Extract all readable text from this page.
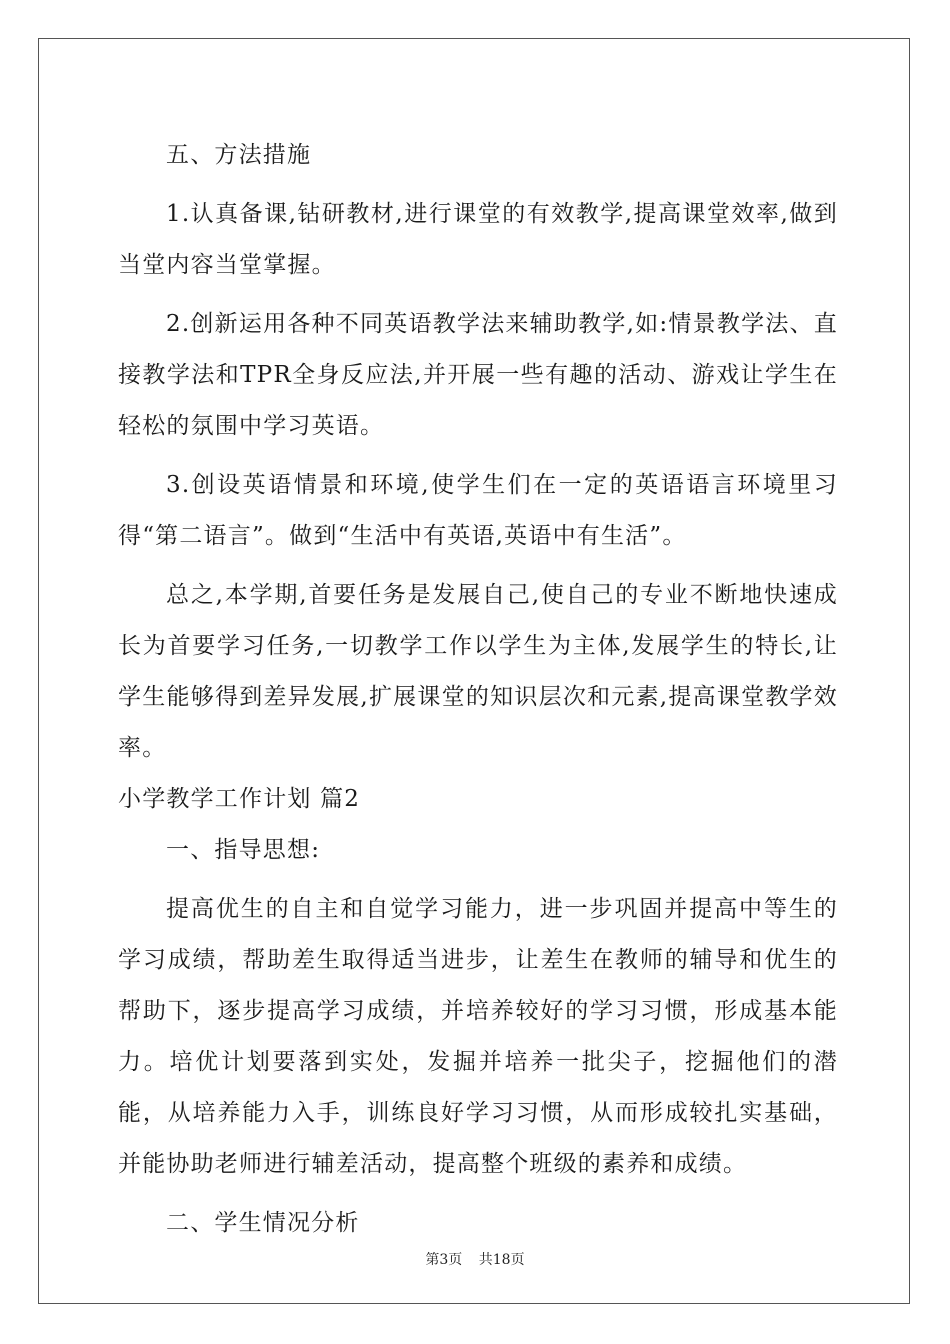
五、方法措施

1.认真备课,钻研教材,进行课堂的有效教学,提高课堂效率,做到当堂内容当堂掌握。

2.创新运用各种不同英语教学法来辅助教学,如:情景教学法、直接教学法和TPR全身反应法,并开展一些有趣的活动、游戏让学生在轻松的氛围中学习英语。

3.创设英语情景和环境,使学生们在一定的英语语言环境里习得“第二语言”。做到“生活中有英语,英语中有生活”。

总之,本学期,首要任务是发展自己,使自己的专业不断地快速成长为首要学习任务,一切教学工作以学生为主体,发展学生的特长,让学生能够得到差异发展,扩展课堂的知识层次和元素,提高课堂教学效率。

小学教学工作计划 篇2

一、指导思想:

提高优生的自主和自觉学习能力，进一步巩固并提高中等生的学习成绩，帮助差生取得适当进步，让差生在教师的辅导和优生的帮助下，逐步提高学习成绩，并培养较好的学习习惯，形成基本能力。培优计划要落到实处，发掘并培养一批尖子，挖掘他们的潜能，从培养能力入手，训练良好学习习惯，从而形成较扎实基础，并能协助老师进行辅差活动，提高整个班级的素养和成绩。

二、学生情况分析

第3页 共18页
